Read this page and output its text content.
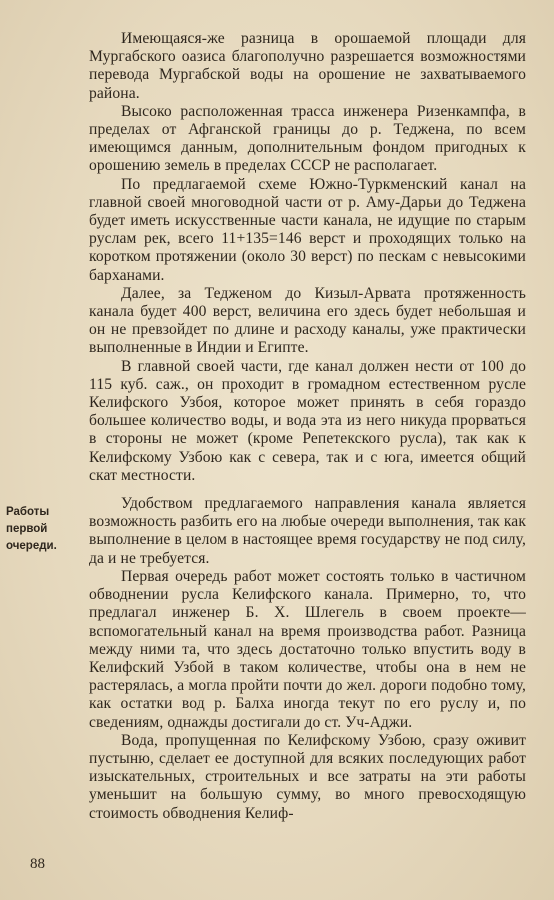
Имеющаяся-же разница в орошаемой площади для Мургабского оазиса благополучно разрешается возможностями перевода Мургабской воды на орошение не захватываемого района.

Высоко расположенная трасса инженера Ризенкампфа, в пределах от Афганской границы до р. Теджена, по всем имеющимся данным, дополнительным фондом пригодных к орошению земель в пределах СССР не располагает.

По предлагаемой схеме Южно-Туркменский канал на главной своей многоводной части от р. Аму-Дарьи до Теджена будет иметь искусственные части канала, не идущие по старым руслам рек, всего 11+135=146 верст и проходящих только на коротком протяжении (около 30 верст) по пескам с невысокими барханами.

Далее, за Тедженом до Кизыл-Арвата протяженность канала будет 400 верст, величина его здесь будет небольшая и он не превзойдет по длине и расходу каналы, уже практически выполненные в Индии и Египте.

В главной своей части, где канал должен нести от 100 до 115 куб. саж., он проходит в громадном естественном русле Келифского Узбоя, которое может принять в себя гораздо большее количество воды, и вода эта из него никуда прорваться в стороны не может (кроме Репетекского русла), так как к Келифскому Узбою как с севера, так и с юга, имеется общий скат местности.

Удобством предлагаемого направления канала является возможность разбить его на любые очереди выполнения, так как выполнение в целом в настоящее время государству не под силу, да и не требуется.

Первая очередь работ может состоять только в частичном обводнении русла Келифского канала. Примерно, то, что предлагал инженер Б. Х. Шлегель в своем проекте—вспомогательный канал на время производства работ. Разница между ними та, что здесь достаточно только впустить воду в Келифский Узбой в таком количестве, чтобы она в нем не растерялась, а могла пройти почти до жел. дороги подобно тому, как остатки вод р. Балха иногда текут по его руслу и, по сведениям, однажды достигали до ст. Уч-Аджи.

Вода, пропущенная по Келифскому Узбою, сразу оживит пустыню, сделает ее доступной для всяких последующих работ изыскательных, строительных и все затраты на эти работы уменьшит на большую сумму, во много превосходящую стоимость обводнения Келиф-

Работы первой очереди.
88
